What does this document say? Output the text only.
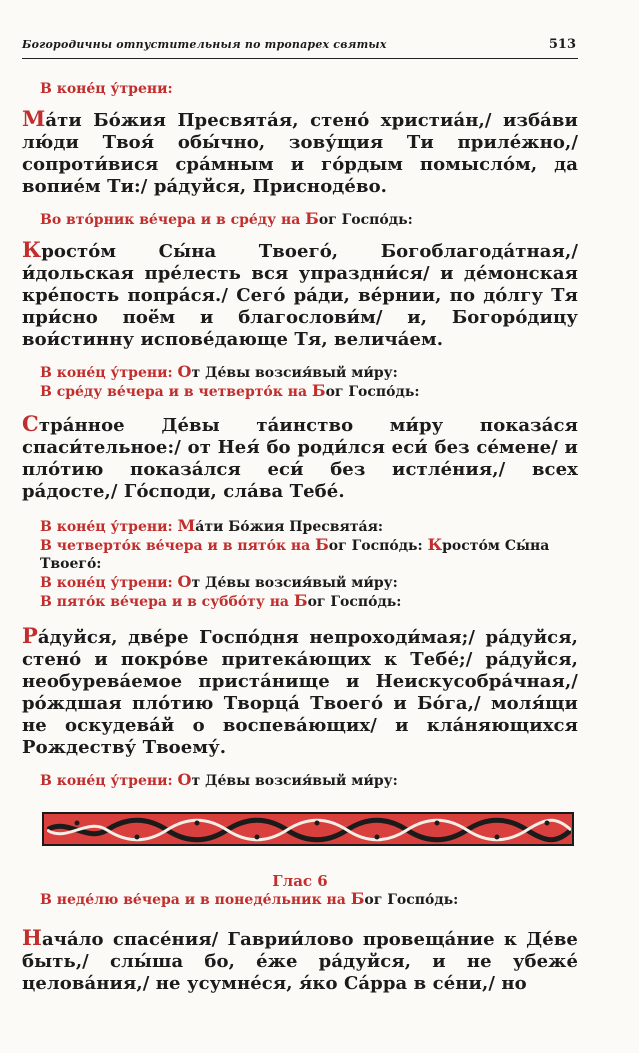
Богородичны отпустительныя по тропарех святых	513

В коне́ц у́трени:

Ма́ти Бо́жия Пресвята́я, стено́ христиа́н,/ изба́ви лю́ди Твоя́ обы́чно, зову́щия Ти приле́жно,/ сопроти́вися сра́мным и го́рдым помысло́м, да вопие́м Ти:/ ра́дуйся, Присноде́во.

Во вто́рник ве́чера и в сре́ду на Бог Госпо́дь:

Кросто́м Сы́на Твоего́, Богоблагода́тная,/ и́дольская пре́лесть вся упраздни́ся/ и де́монская кре́пость попра́ся./ Сего́ ра́ди, ве́рнии, по до́лгу Тя при́сно поё́м и благослови́м/ и, Богоро́дицу вои́стинну испове́дающе Тя, велича́ем.

В коне́ц у́трени: От Де́вы возсия́вый ми́ру:

В сре́ду ве́чера и в четверто́к на Бог Госпо́дь:

Стра́нное Де́вы та́инство ми́ру показа́ся спаси́тельное:/ от Нея́ бо роди́лся еси́ без се́мене/ и пло́тию показа́лся еси́ без истле́ния,/ всех ра́досте,/ Го́споди, сла́ва Тебе́.

В коне́ц у́трени: Ма́ти Бо́жия Пресвята́я:

В четверто́к ве́чера и в пято́к на Бог Госпо́дь: Кросто́м Сы́на Твоего́:

В коне́ц у́трени: От Де́вы возсия́вый ми́ру:

В пято́к ве́чера и в суббо́ту на Бог Госпо́дь:

Ра́дуйся, две́ре Госпо́дня непроходи́мая;/ ра́дуйся, стено́ и покро́ве притека́ющих к Тебе́;/ ра́дуйся, необурева́емое приста́нище и Неискусобра́чная,/ ро́ждшая пло́тию Творца́ Твоего́ и Бо́га,/ моля́щи не оскудева́й о воспева́ющих/ и кла́няющихся Рождеству́ Твоему́.

В коне́ц у́трени: От Де́вы возсия́вый ми́ру:

Глас 6

В неде́лю ве́чера и в понеде́льник на Бог Госпо́дь:

Нача́ло спасе́ния/ Гаврии́лово провеща́ние к Де́ве быть,/ слы́ша бо, е́же ра́дуйся, и не убеже́ целова́ния,/ не усумне́ся, я́ко Са́рра в се́ни,/ но
